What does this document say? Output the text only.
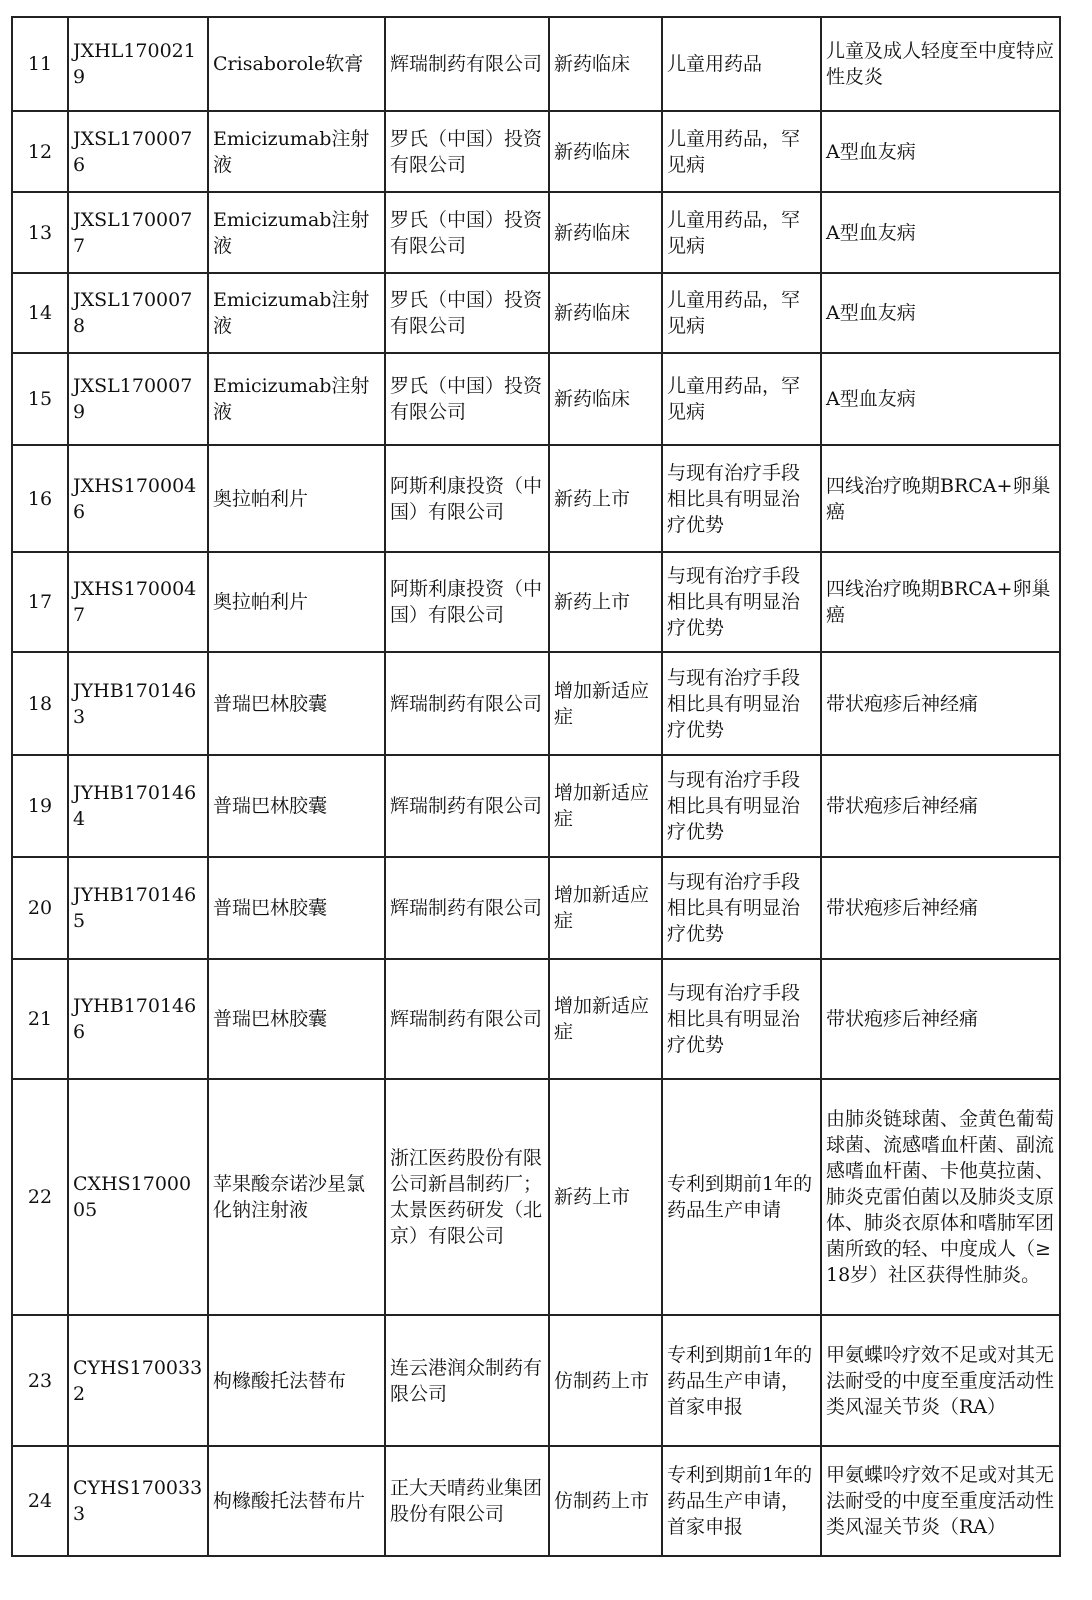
11	JXHL1700219	Crisaborole软膏	辉瑞制药有限公司	新药临床	儿童用药品	儿童及成人轻度至中度特应性皮炎
12	JXSL1700076	Emicizumab注射液	罗氏（中国）投资有限公司	新药临床	儿童用药品，罕见病	A型血友病
13	JXSL1700077	Emicizumab注射液	罗氏（中国）投资有限公司	新药临床	儿童用药品，罕见病	A型血友病
14	JXSL1700078	Emicizumab注射液	罗氏（中国）投资有限公司	新药临床	儿童用药品，罕见病	A型血友病
15	JXSL1700079	Emicizumab注射液	罗氏（中国）投资有限公司	新药临床	儿童用药品，罕见病	A型血友病
16	JXHS1700046	奥拉帕利片	阿斯利康投资（中国）有限公司	新药上市	与现有治疗手段相比具有明显治疗优势	四线治疗晚期BRCA+卵巢癌
17	JXHS1700047	奥拉帕利片	阿斯利康投资（中国）有限公司	新药上市	与现有治疗手段相比具有明显治疗优势	四线治疗晚期BRCA+卵巢癌
18	JYHB1701463	普瑞巴林胶囊	辉瑞制药有限公司	增加新适应症	与现有治疗手段相比具有明显治疗优势	带状疱疹后神经痛
19	JYHB1701464	普瑞巴林胶囊	辉瑞制药有限公司	增加新适应症	与现有治疗手段相比具有明显治疗优势	带状疱疹后神经痛
20	JYHB1701465	普瑞巴林胶囊	辉瑞制药有限公司	增加新适应症	与现有治疗手段相比具有明显治疗优势	带状疱疹后神经痛
21	JYHB1701466	普瑞巴林胶囊	辉瑞制药有限公司	增加新适应症	与现有治疗手段相比具有明显治疗优势	带状疱疹后神经痛
22	CXHS1700005	苹果酸奈诺沙星氯化钠注射液	浙江医药股份有限公司新昌制药厂；太景医药研发（北京）有限公司	新药上市	专利到期前1年的药品生产申请	由肺炎链球菌、金黄色葡萄球菌、流感嗜血杆菌、副流感嗜血杆菌、卡他莫拉菌、肺炎克雷伯菌以及肺炎支原体、肺炎衣原体和嗜肺军团菌所致的轻、中度成人（≥18岁）社区获得性肺炎。
23	CYHS1700332	枸橼酸托法替布	连云港润众制药有限公司	仿制药上市	专利到期前1年的药品生产申请，首家申报	甲氨蝶呤疗效不足或对其无法耐受的中度至重度活动性类风湿关节炎（RA）
24	CYHS1700333	枸橼酸托法替布片	正大天晴药业集团股份有限公司	仿制药上市	专利到期前1年的药品生产申请，首家申报	甲氨蝶呤疗效不足或对其无法耐受的中度至重度活动性类风湿关节炎（RA）
